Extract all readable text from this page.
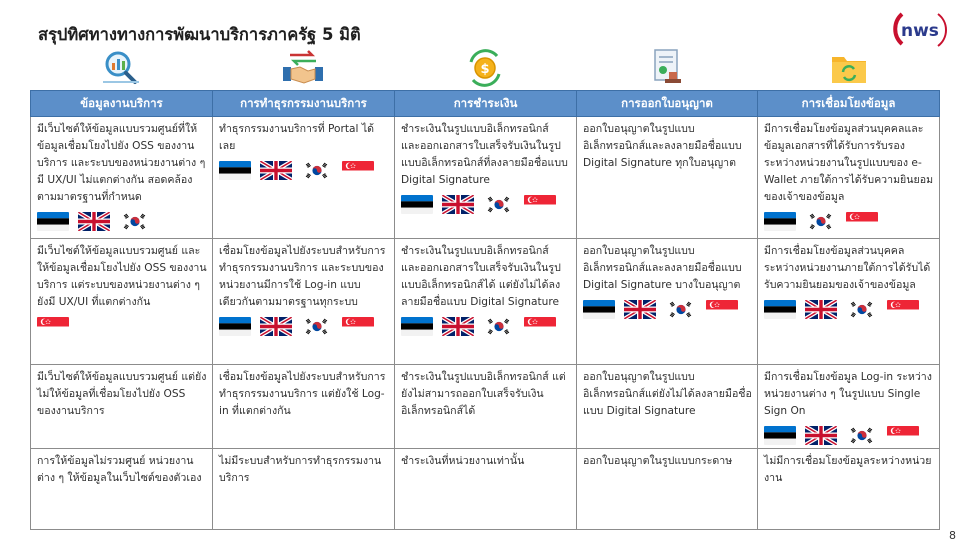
สรุปทิศทางทางการพัฒนาบริการภาครัฐ 5 มิติ	nws
$
ข้อมูลงานบริการ	การทำธุรกรรมงานบริการ	การชำระเงิน	การออกใบอนุญาต	การเชื่อมโยงข้อมูล

มีเว็บไซต์ให้ข้อมูลแบบรวมศูนย์ที่ให้ข้อมูลเชื่อมโยงไปยัง OSS ของงานบริการ และระบบของหน่วยงานต่าง ๆ มี UX/UI ไม่แตกต่างกัน สอดคล้องตามมาตรฐานที่กำหนด	ทำธุรกรรมงานบริการที่ Portal ได้เลย	ชำระเงินในรูปแบบอิเล็กทรอนิกส์ และออกเอกสารใบเสร็จรับเงินในรูปแบบอิเล็กทรอนิกส์ที่ลงลายมือชื่อแบบ Digital Signature	ออกใบอนุญาตในรูปแบบอิเล็กทรอนิกส์และลงลายมือชื่อแบบ Digital Signature ทุกใบอนุญาต	มีการเชื่อมโยงข้อมูลส่วนบุคคลและข้อมูลเอกสารที่ได้รับการรับรองระหว่างหน่วยงานในรูปแบบของ e-Wallet ภายใต้การได้รับความยินยอมของเจ้าของข้อมูล

มีเว็บไซต์ให้ข้อมูลแบบรวมศูนย์ และให้ข้อมูลเชื่อมโยงไปยัง OSS ของงานบริการ แต่ระบบของหน่วยงานต่าง ๆ ยังมี UX/UI ที่แตกต่างกัน	เชื่อมโยงข้อมูลไปยังระบบสำหรับการทำธุรกรรมงานบริการ และระบบของหน่วยงานมีการใช้ Log-in แบบเดียวกันตามมาตรฐานทุกระบบ	ชำระเงินในรูปแบบอิเล็กทรอนิกส์ และออกเอกสารใบเสร็จรับเงินในรูปแบบอิเล็กทรอนิกส์ได้ แต่ยังไม่ได้ลงลายมือชื่อแบบ Digital Signature	ออกใบอนุญาตในรูปแบบอิเล็กทรอนิกส์และลงลายมือชื่อแบบ Digital Signature บางใบอนุญาต	มีการเชื่อมโยงข้อมูลส่วนบุคคลระหว่างหน่วยงานภายใต้การได้รับได้รับความยินยอมของเจ้าของข้อมูล

มีเว็บไซต์ให้ข้อมูลแบบรวมศูนย์ แต่ยังไม่ให้ข้อมูลที่เชื่อมโยงไปยัง OSS ของงานบริการ	เชื่อมโยงข้อมูลไปยังระบบสำหรับการทำธุรกรรมงานบริการ แต่ยังใช้ Log-in ที่แตกต่างกัน	ชำระเงินในรูปแบบอิเล็กทรอนิกส์ แต่ยังไม่สามารถออกใบเสร็จรับเงินอิเล็กทรอนิกส์ได้	ออกใบอนุญาตในรูปแบบอิเล็กทรอนิกส์แต่ยังไม่ได้ลงลายมือชื่อแบบ Digital Signature	มีการเชื่อมโยงข้อมูล Log-in ระหว่างหน่วยงานต่าง ๆ ในรูปแบบ Single Sign On

การให้ข้อมูลไม่รวมศูนย์ หน่วยงานต่าง ๆ ให้ข้อมูลในเว็บไซต์ของตัวเอง	ไม่มีระบบสำหรับการทำธุรกรรมงานบริการ	ชำระเงินที่หน่วยงานเท่านั้น	ออกใบอนุญาตในรูปแบบกระดาษ	ไม่มีการเชื่อมโยงข้อมูลระหว่างหน่วยงาน
8
